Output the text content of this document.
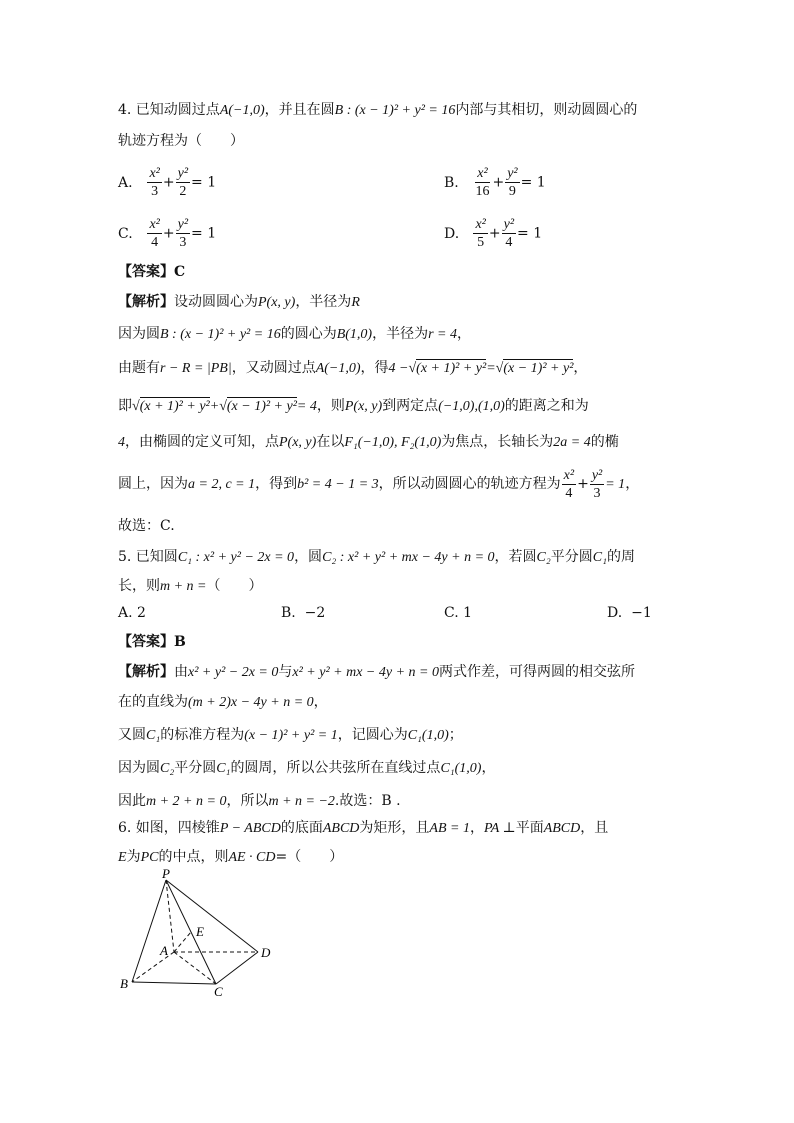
4. 已知动圆过点A(−1,0)，并且在圆B : (x − 1)² + y² = 16内部与其相切，则动圆圆心的
轨迹方程为（　　）
A. $\frac{\text{x²}}{3} + \frac{\text{y²}}{2} = 1$	B. $\frac{\text{x²}}{16} + \frac{\text{y²}}{9} = 1$
C. $\frac{\text{x²}}{4} + \frac{\text{y²}}{3} = 1$	D. $\frac{\text{x²}}{5} + \frac{\text{y²}}{4} = 1$
【答案】C
【解析】设动圆圆心为P(x, y)，半径为R
因为圆B : (x − 1)² + y² = 16的圆心为B(1,0)，半径为r = 4，
由题有r − R = |PB|，又动圆过点A(−1,0)，得4 −√(x + 1)² + y²=√(x − 1)² + y²，
即√(x + 1)² + y²+√(x − 1)² + y²= 4，则P(x, y)到两定点(−1,0),(1,0)的距离之和为
4，由椭圆的定义可知，点P(x, y)在以F₁(−1,0), F₂(1,0)为焦点，长轴长为2a = 4的椭
圆上，因为a = 2, c = 1，得到b² = 4 − 1 = 3，所以动圆圆心的轨迹方程为 $\frac{\text{x²}}{4} + \frac{\text{y²}}{3} = 1$，
故选：C.
5. 已知圆C₁ : x² + y² − 2x = 0，圆C₂ : x² + y² + mx − 4y + n = 0，若圆C₂平分圆C₁的周
长，则m + n =（　　）
A. 2	B. −2	C. 1	D. −1
【答案】B
【解析】由x² + y² − 2x = 0与x² + y² + mx − 4y + n = 0两式作差，可得两圆的相交弦所
在的直线为(m + 2)x − 4y + n = 0，
又圆C₁的标准方程为(x − 1)² + y² = 1，记圆心为C₁(1,0)；
因为圆C₂平分圆C₁的圆周，所以公共弦所在直线过点C₁(1,0)，
因此m + 2 + n = 0，所以m + n = −2.故选：B .
6. 如图，四棱锥P − ABCD的底面ABCD为矩形，且AB = 1，PA ⊥平面ABCD，且
E为PC的中点，则AE · CD=（　　）
P
A
B
C
D
E
